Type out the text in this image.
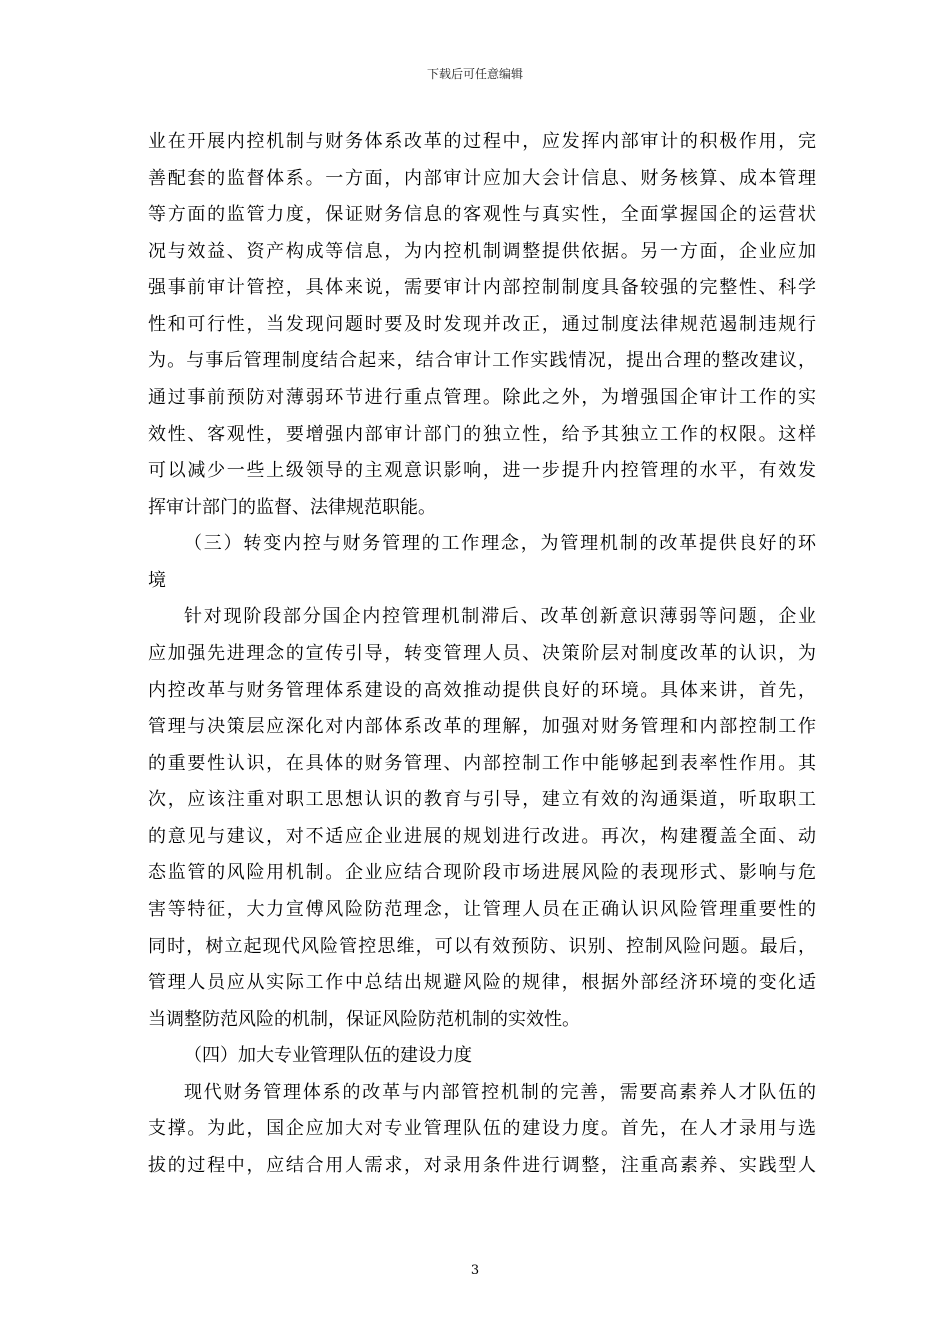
下载后可任意编辑
业在开展内控机制与财务体系改革的过程中，应发挥内部审计的积极作用，完
善配套的监督体系。一方面，内部审计应加大会计信息、财务核算、成本管理
等方面的监管力度，保证财务信息的客观性与真实性，全面掌握国企的运营状
况与效益、资产构成等信息，为内控机制调整提供依据。另一方面，企业应加
强事前审计管控，具体来说，需要审计内部控制制度具备较强的完整性、科学
性和可行性，当发现问题时要及时发现并改正，通过制度法律规范遏制违规行
为。与事后管理制度结合起来，结合审计工作实践情况，提出合理的整改建议，
通过事前预防对薄弱环节进行重点管理。除此之外，为增强国企审计工作的实
效性、客观性，要增强内部审计部门的独立性，给予其独立工作的权限。这样
可以减少一些上级领导的主观意识影响，进一步提升内控管理的水平，有效发
挥审计部门的监督、法律规范职能。
（三）转变内控与财务管理的工作理念，为管理机制的改革提供良好的环
境
针对现阶段部分国企内控管理机制滞后、改革创新意识薄弱等问题，企业
应加强先进理念的宣传引导，转变管理人员、决策阶层对制度改革的认识，为
内控改革与财务管理体系建设的高效推动提供良好的环境。具体来讲，首先，
管理与决策层应深化对内部体系改革的理解，加强对财务管理和内部控制工作
的重要性认识，在具体的财务管理、内部控制工作中能够起到表率性作用。其
次，应该注重对职工思想认识的教育与引导，建立有效的沟通渠道，听取职工
的意见与建议，对不适应企业进展的规划进行改进。再次，构建覆盖全面、动
态监管的风险用机制。企业应结合现阶段市场进展风险的表现形式、影响与危
害等特征，大力宣傅风险防范理念，让管理人员在正确认识风险管理重要性的
同时，树立起现代风险管控思维，可以有效预防、识别、控制风险问题。最后，
管理人员应从实际工作中总结出规避风险的规律，根据外部经济环境的变化适
当调整防范风险的机制，保证风险防范机制的实效性。
（四）加大专业管理队伍的建设力度
现代财务管理体系的改革与内部管控机制的完善，需要高素养人才队伍的
支撑。为此，国企应加大对专业管理队伍的建设力度。首先，在人才录用与选
拔的过程中，应结合用人需求，对录用条件进行调整，注重高素养、实践型人
3
